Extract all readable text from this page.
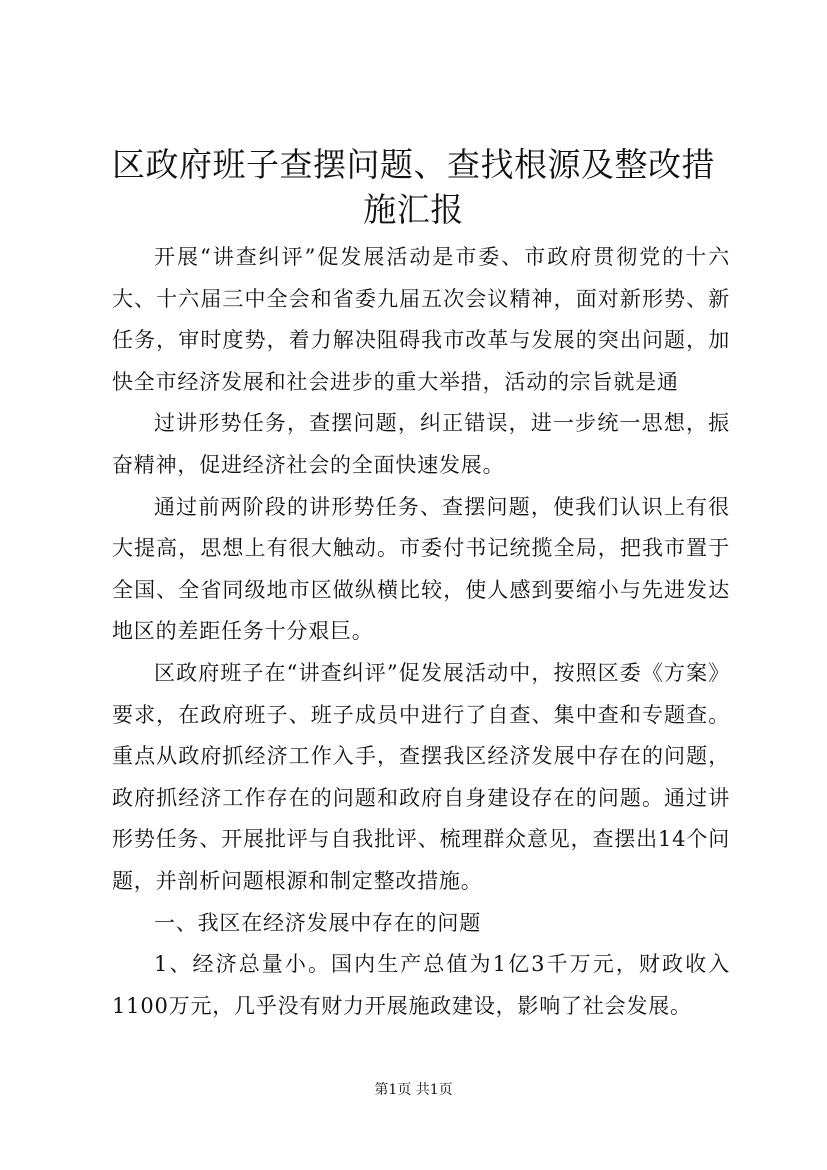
区政府班子查摆问题、查找根源及整改措施汇报

开展“讲查纠评”促发展活动是市委、市政府贯彻党的十六大、十六届三中全会和省委九届五次会议精神，面对新形势、新任务，审时度势，着力解决阻碍我市改革与发展的突出问题，加快全市经济发展和社会进步的重大举措，活动的宗旨就是通

过讲形势任务，查摆问题，纠正错误，进一步统一思想，振奋精神，促进经济社会的全面快速发展。

通过前两阶段的讲形势任务、查摆问题，使我们认识上有很大提高，思想上有很大触动。市委付书记统揽全局，把我市置于全国、全省同级地市区做纵横比较，使人感到要缩小与先进发达地区的差距任务十分艰巨。

区政府班子在“讲查纠评”促发展活动中，按照区委《方案》要求，在政府班子、班子成员中进行了自查、集中查和专题查。重点从政府抓经济工作入手，查摆我区经济发展中存在的问题，政府抓经济工作存在的问题和政府自身建设存在的问题。通过讲形势任务、开展批评与自我批评、梳理群众意见，查摆出14个问题，并剖析问题根源和制定整改措施。

一、我区在经济发展中存在的问题

1、经济总量小。国内生产总值为1亿3千万元，财政收入1100万元，几乎没有财力开展施政建设，影响了社会发展。

第1页 共1页
